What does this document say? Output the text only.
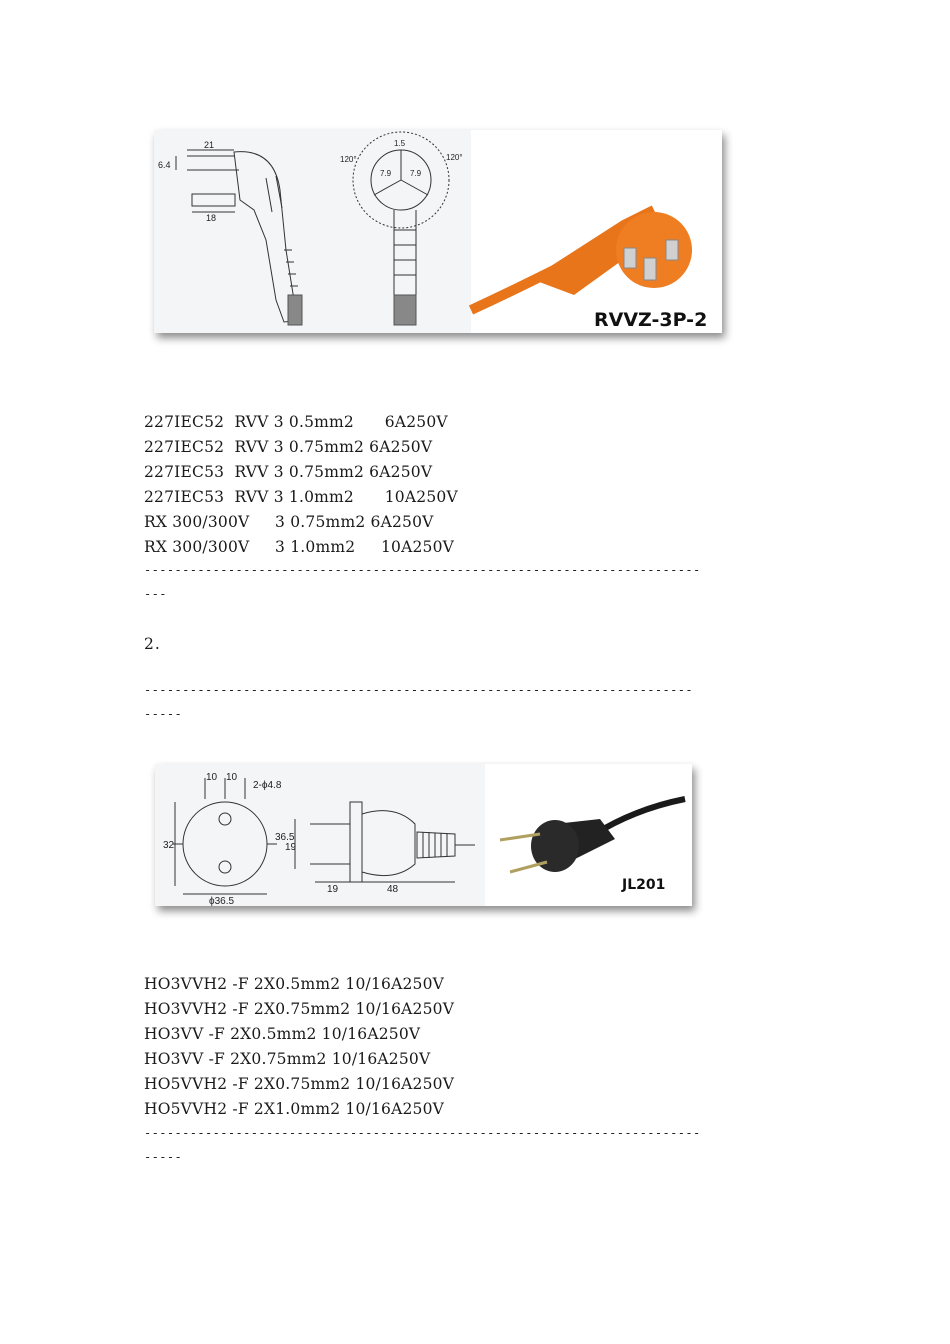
21
6.4
18
1.5
120°	120°
7.9 7.9
RVVZ-3P-2
227IEC52  RVV 3 0.5mm2      6A250V
227IEC52  RVV 3 0.75mm2 6A250V
227IEC53  RVV 3 0.75mm2 6A250V
227IEC53  RVV 3 1.0mm2      10A250V
RX 300/300V     3 0.75mm2 6A250V
RX 300/300V     3 1.0mm2     10A250V
-------------------------------------------------------------------------
---
2.
------------------------------------------------------------------------
-----
10 10
2-ϕ4.8
32
36.5
19
ϕ36.5
19	48	JL201
HO3VVH2 -F 2X0.5mm2 10/16A250V
HO3VVH2 -F 2X0.75mm2 10/16A250V
HO3VV -F 2X0.5mm2 10/16A250V
HO3VV -F 2X0.75mm2 10/16A250V
HO5VVH2 -F 2X0.75mm2 10/16A250V
HO5VVH2 -F 2X1.0mm2 10/16A250V
-------------------------------------------------------------------------
-----
